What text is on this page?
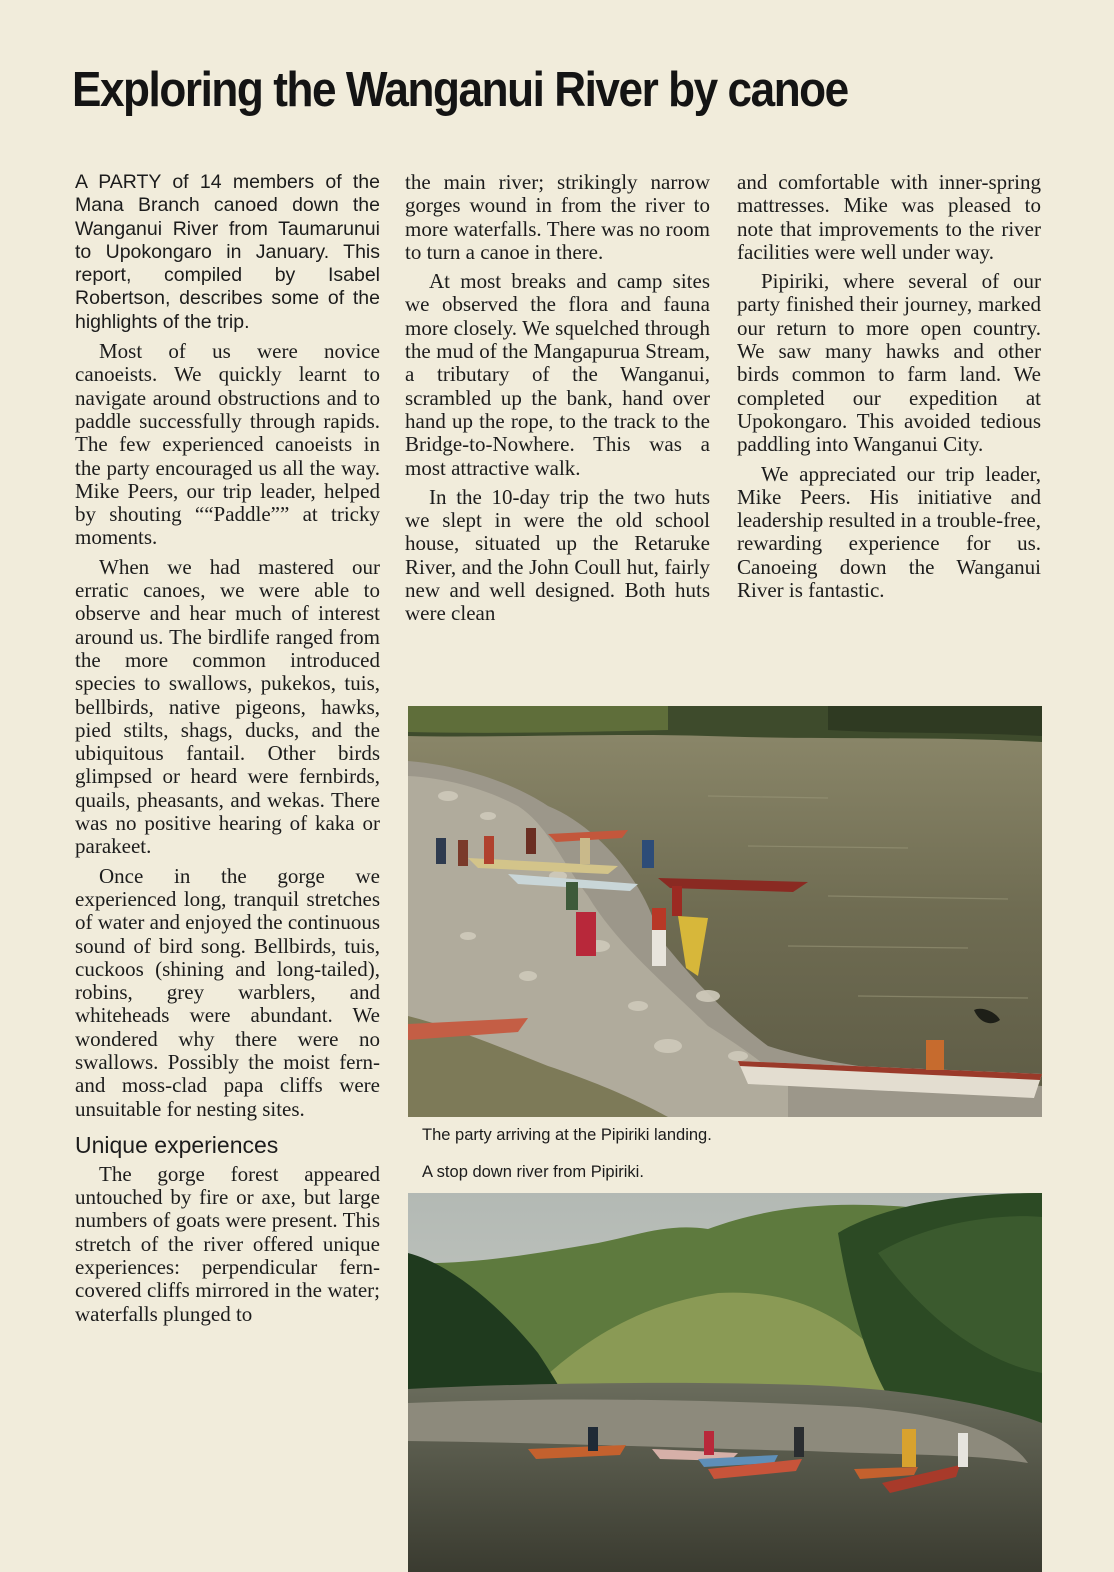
Exploring the Wanganui River by canoe

A PARTY of 14 members of the Mana Branch canoed down the Wanganui River from Taumarunui to Upokongaro in January. This report, compiled by Isabel Robertson, describes some of the highlights of the trip.

Most of us were novice canoeists. We quickly learnt to navigate around obstructions and to paddle successfully through rapids. The few experienced canoeists in the party encouraged us all the way. Mike Peers, our trip leader, helped by shouting ““Paddle”” at tricky moments.

When we had mastered our erratic canoes, we were able to observe and hear much of interest around us. The birdlife ranged from the more common introduced species to swallows, pukekos, tuis, bellbirds, native pigeons, hawks, pied stilts, shags, ducks, and the ubiquitous fantail. Other birds glimpsed or heard were fernbirds, quails, pheasants, and wekas. There was no positive hearing of kaka or parakeet.

Once in the gorge we experienced long, tranquil stretches of water and enjoyed the continuous sound of bird song. Bellbirds, tuis, cuckoos (shining and long-tailed), robins, grey warblers, and whiteheads were abundant. We wondered why there were no swallows. Possibly the moist fern- and moss-clad papa cliffs were unsuitable for nesting sites.

Unique experiences

The gorge forest appeared untouched by fire or axe, but large numbers of goats were present. This stretch of the river offered unique experiences: perpendicular fern-covered cliffs mirrored in the water; waterfalls plunged to

the main river; strikingly narrow gorges wound in from the river to more waterfalls. There was no room to turn a canoe in there.

At most breaks and camp sites we observed the flora and fauna more closely. We squelched through the mud of the Mangapurua Stream, a tributary of the Wanganui, scrambled up the bank, hand over hand up the rope, to the track to the Bridge-to-Nowhere. This was a most attractive walk.

In the 10-day trip the two huts we slept in were the old school house, situated up the Retaruke River, and the John Coull hut, fairly new and well designed. Both huts were clean

and comfortable with inner-spring mattresses. Mike was pleased to note that improvements to the river facilities were well under way.

Pipiriki, where several of our party finished their journey, marked our return to more open country. We saw many hawks and other birds common to farm land. We completed our expedition at Upokongaro. This avoided tedious paddling into Wanganui City.

We appreciated our trip leader, Mike Peers. His initiative and leadership resulted in a trouble-free, rewarding experience for us. Canoeing down the Wanganui River is fantastic.

The party arriving at the Pipiriki landing.

A stop down river from Pipiriki.
